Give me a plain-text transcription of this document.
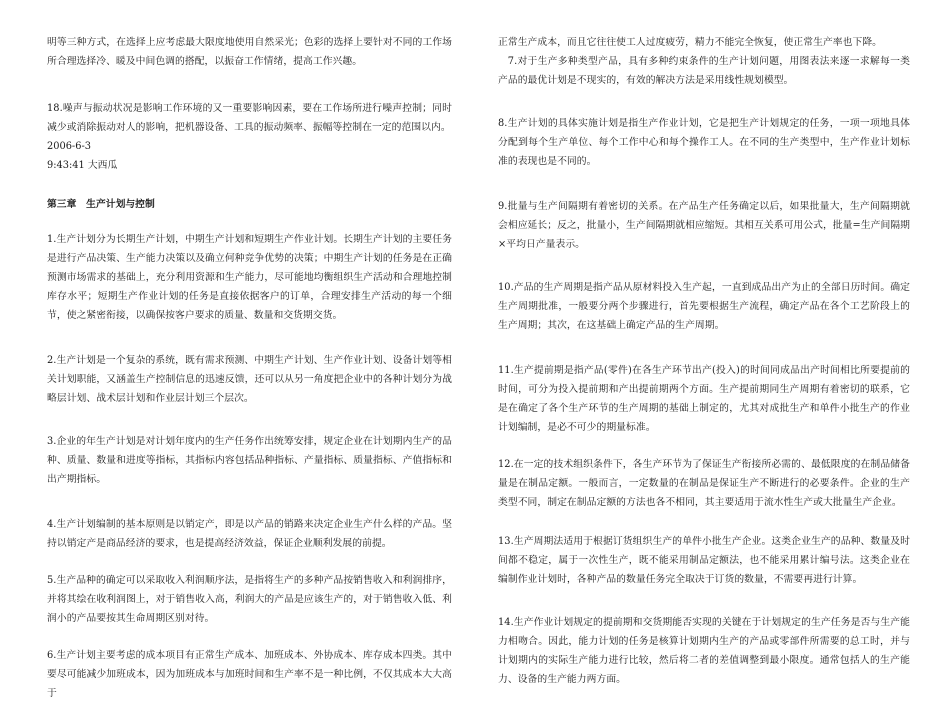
明等三种方式，在选择上应考虑最大限度地使用自然采光；色彩的选择上要针对不同的工作场所合理选择冷、暖及中间色调的搭配，以振奋工作情绪，提高工作兴趣。

18.噪声与振动状况是影响工作环境的又一重要影响因素，要在工作场所进行噪声控制；同时减少或消除振动对人的影响，把机器设备、工具的振动频率、振幅等控制在一定的范围以内。

2006-6-3
9:43:41 大西瓜
第三章　生产计划与控制

1.生产计划分为长期生产计划，中期生产计划和短期生产作业计划。长期生产计划的主要任务是进行产品决策、生产能力决策以及确立何种竞争优势的决策；中期生产计划的任务是在正确预测市场需求的基础上，充分利用资源和生产能力，尽可能地均衡组织生产活动和合理地控制库存水平；短期生产作业计划的任务是直接依据客户的订单，合理安排生产活动的每一个细节，使之紧密衔接，以确保按客户要求的质量、数量和交货期交货。

2.生产计划是一个复杂的系统，既有需求预测、中期生产计划、生产作业计划、设备计划等相关计划职能，又涵盖生产控制信息的迅速反馈，还可以从另一角度把企业中的各种计划分为战略层计划、战术层计划和作业层计划三个层次。

3.企业的年生产计划是对计划年度内的生产任务作出统筹安排，规定企业在计划期内生产的品种、质量、数量和进度等指标，其指标内容包括品种指标、产量指标、质量指标、产值指标和出产期指标。

4.生产计划编制的基本原则是以销定产，即是以产品的销路来决定企业生产什么样的产品。坚持以销定产是商品经济的要求，也是提高经济效益，保证企业顺利发展的前提。

5.生产品种的确定可以采取收入利润顺序法，是指将生产的多种产品按销售收入和利润排序，并将其绘在收利润图上，对于销售收入高，利润大的产品是应该生产的，对于销售收入低、利润小的产品要按其生命周期区别对待。

6.生产计划主要考虑的成本项目有正常生产成本、加班成本、外协成本、库存成本四类。其中要尽可能减少加班成本，因为加班成本与加班时间和生产率不是一种比例，不仅其成本大大高于

正常生产成本，而且它往往使工人过度疲劳，精力不能完全恢复，使正常生产率也下降。

7.对于生产多种类型产品，具有多种约束条件的生产计划问题，用图表法来逐一求解每一类产品的最优计划是不现实的，有效的解决方法是采用线性规划模型。

8.生产计划的具体实施计划是指生产作业计划，它是把生产计划规定的任务，一项一项地具体分配到每个生产单位、每个工作中心和每个操作工人。在不同的生产类型中，生产作业计划标准的表现也是不同的。

9.批量与生产间隔期有着密切的关系。在产品生产任务确定以后，如果批量大，生产间隔期就会相应延长；反之，批量小，生产间隔期就相应缩短。其相互关系可用公式，批量=生产间隔期×平均日产量表示。

10.产品的生产周期是指产品从原材料投入生产起，一直到成品出产为止的全部日历时间。确定生产周期批准，一般要分两个步骤进行，首先要根据生产流程，确定产品在各个工艺阶段上的生产周期；其次，在这基础上确定产品的生产周期。

11.生产提前期是指产品(零件)在各生产环节出产(投入)的时间同成品出产时间相比所要提前的时间，可分为投入提前期和产出提前期两个方面。生产提前期同生产周期有着密切的联系，它是在确定了各个生产环节的生产周期的基础上制定的，尤其对成批生产和单件小批生产的作业计划编制，是必不可少的期量标准。

12.在一定的技术组织条件下，各生产环节为了保证生产衔接所必需的、最低限度的在制品储备量是在制品定额。一般而言，一定数量的在制品是保证生产不断进行的必要条件。企业的生产类型不同，制定在制品定额的方法也各不相同，其主要适用于流水性生产或大批量生产企业。

13.生产周期法适用于根据订货组织生产的单件小批生产企业。这类企业生产的品种、数量及时间都不稳定，属于一次性生产，既不能采用制品定额法，也不能采用累计编号法。这类企业在编制作业计划时，各种产品的数量任务完全取决于订货的数量，不需要再进行计算。

14.生产作业计划规定的提前期和交货期能否实现的关键在于计划规定的生产任务是否与生产能力相吻合。因此，能力计划的任务是核算计划期内生产的产品或零部件所需要的总工时，并与计划期内的实际生产能力进行比较，然后将二者的差值调整到最小限度。通常包括人的生产能力、设备的生产能力两方面。
